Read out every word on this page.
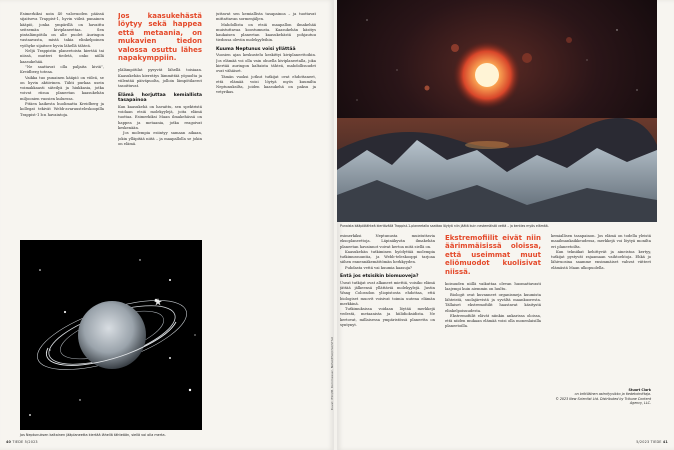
Esimerkiksi noin 40 valovuoden päässä sijaitseva Trappist-1, hyvin viileä punainen kääpiö, jonka ympärillä on havaittu seitsemän kiviplaneettaa. Sen pintalämpötila on alle puolet Auringon vastaavasta, mistä takia elinkelpoinen vyöhyke sijaitsee hyvin lähellä tähteä.

Neljä Trappistin planeetoista kiertää tai niissä, mutteri tiedetä, onko niillä kaasukehää.

”Ne saattavat olla paljaita kiviä”, Kreidberg toteaa.

Vaikka tuo punainen kääpiö on viileä, se on hyvin aktiivinen. Tähti purkaa usein voimakkaasti säteilyä ja hiukkasia, jotka voivat riisua planeetan kaasukehän miljoonien vuosien kuluessa.

Pitäen kaikesta huolimatta Kreidberg ja kollegat tekivät Webb-avaruusteleskoopilla Trappist-1 b:n havaintoja.

Jos kaasukehästä löytyy sekä happea että metaania, on mukavien tiedon valossa osuttu lähes napakymppiin.

ylälämpötilat pysyvät lähellä toisiaan. Kaasukehän kierrätys lämmittää yöpuolta ja viilentää päiväpuolta, jolloin lämpötilaerot tasoittuvat.

Elämä horjuttaa kemiallista tasapainoa

Kun kaasukehä on havaittu, sen spektristä voidaan etsiä molekyylejä, joita elämä tuottaa. Esimerkiksi Maan ilmakehässä on happea ja metaania, jotka reagoivat keskenään.

Jos molempia esiintyy samaan aikaan, jokin ylläpitää niitä – ja maapallolla se jokin on elämä.

juttavat sen kemiallista tasapainoa – ja tuottavat mittattavan sormenjäljen.

Mahdollista on etsiä maapallon ilmakehää muistuttavaa koostumusta. Kaasukehän käsitys kaukaisen planeetan kaasukehästä pohjautuu tiedossa oleviin molekyyleihin.

Kuuma Neptunus voisi yllättää

Vuosien ajan keskustelu keskittyi kiviplaneettoihin. Jos elämää voi olla vain ohuella kiviplaneetalla, joka kiertää auringon kaltaista tähteä, mahdollisuudet ovat vähäiset.

Tämän vuoksi jotkut tutkijat ovat ehdottaneet, että elämää voisi löytyä myös kuumilta Neptunuksilta, joiden kaasukehä on paksu ja vetyrikas.

Jos Neptunuksen kaltainen jääplaneetta kiertää lähellä tähteään, siellä voi olla merta.
40 TIEDE 5/2023
Kuvat: ESO/M. Kornmesser, NASA/ESA/CSA/STScI
Punaista kääpiötähteä kiertävällä Trappist-1-planeetalla saattaa löytyä niin jäätä kuin nestemäistä vettä – ja kenties myös elämää.

esimerkiksi Neptunusta muistuttavia eksoplaneettoja. Läpinäkyvän ilmakehän planeetan havainnot voivat kertoa mitä siellä on.

Kaasukehän tutkiminen hyödyttää molempia tutkimussuuntia, ja Webb-teleskooppi tarjoaa siihen ennennäkemättömän herkkyyden.

Puhdasta vettä vai kuumia kaasuja?

Entä jos etsisikin biomuoveja?

Useat tutkijat ovat alkaneet miettiä, voisiko elämä jättää jälkeensä yllättäviä molekyylejä. Justin Wang Coloradon yliopistosta ehdottaa, että biologiset muovit voisivat toimia uutena elämän merkkinä.

Tutkimuksissa voidaan löytää merkkejä vedestä, metaanista ja hiilidioksidista. Ne kertovat, millaisessa ympäristössä planeetta on syntynyt.

Ekstremofiilit eivät niin äärimmäisissä oloissa, että useimmat muut eliömuodot kuolisivat niissä.

koisuuden niillä vaikuttaa olevan huomattavasti laajempi kuin aiemmin on luultu.

Biologit ovat kuvanneet organismeja kuumista lähteistä, suolajärvistä ja syvältä maankuoresta. Tällaiset ekstremofiilit haastavat käsitystä elinkelpoisuudesta.

Ekstremofiilit elävät niinkin ankarissa oloissa, että niiden mukaan elämää voisi olla monenlaisilla planeetoilla.

kemiallisen tasapainon. Jos elämä on todella yleistä maailmankaikkeudessa, merkkejä voi löytyä monilta eri planeetoilta.

Kun tekniikat kehittyvät ja aineistoa kertyy, tutkijat pystyvät rajaamaan vaihtoehtoja. Ehkä jo lähivuosina saamme ensimmäiset vahvat viitteet elämästä Maan ulkopuolella.

Stuart Clark
on brittiläinen astrofyysikko ja tiedetoimittaja.
© 2023 New Scientist Ltd. Distributed by Tribune Content Agency, LLC.
5/2023 TIEDE 41
